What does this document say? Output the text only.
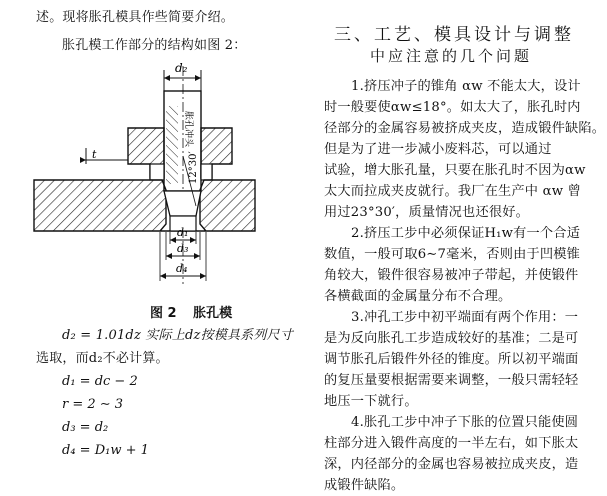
述。现将胀孔模具作些简要介绍。
胀孔模工作部分的结构如图 2：
d₂
胀孔冲头
12°30′
t
d₁
d₃
d₄
图 2 胀孔模
d₂ = 1.01dz 实际上dz按模具系列尺寸
选取，而d₂不必计算。
d₁ = dc − 2
r = 2 ∼ 3
d₃ = d₂
d₄ = D₁w + 1
三、工艺、模具设计与调整
中应注意的几个问题
1.挤压冲子的锥角 αw 不能太大，设计
时一般要使αw≤18°。如太大了，胀孔时内
径部分的金属容易被挤成夹皮，造成锻件缺陷。
但是为了进一步减小废料芯，可以通过
试验，增大胀孔量，只要在胀孔时不因为αw
太大而拉成夹皮就行。我厂在生产中 αw 曾
用过23°30′，质量情况也还很好。
2.挤压工步中必须保证H₁w有一个合适
数值，一般可取6∼7毫米，否则由于凹模锥
角较大，锻件很容易被冲子带起，并使锻件
各横截面的金属量分布不合理。
3.冲孔工步中初平端面有两个作用：一
是为反向胀孔工步造成较好的基准；二是可
调节胀孔后锻件外径的锥度。所以初平端面
的复压量要根据需要来调整，一般只需轻轻
地压一下就行。
4.胀孔工步中冲子下胀的位置只能使圆
柱部分进入锻件高度的一半左右，如下胀太
深，内径部分的金属也容易被拉成夹皮，造
成锻件缺陷。
